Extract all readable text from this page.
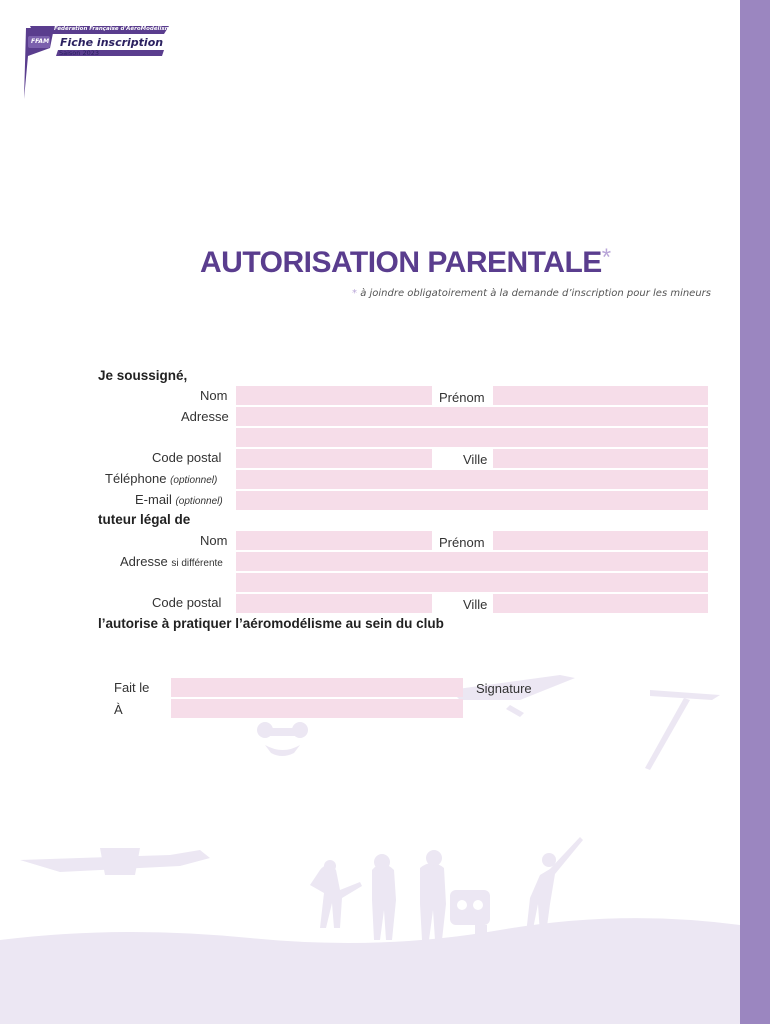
Fédération Française d'AéroModélisme
FFAM Fiche inscription
Saison 2023
AUTORISATION PARENTALE*
* à joindre obligatoirement à la demande d’inscription pour les mineurs
Je soussigné,
Nom	Prénom
Adresse
Code postal	Ville
Téléphone (optionnel)
E-mail (optionnel)
tuteur légal de
Nom	Prénom
Adresse si différente
Code postal	Ville
l’autorise à pratiquer l’aéromodélisme au sein du club
Fait le
À
Signature
